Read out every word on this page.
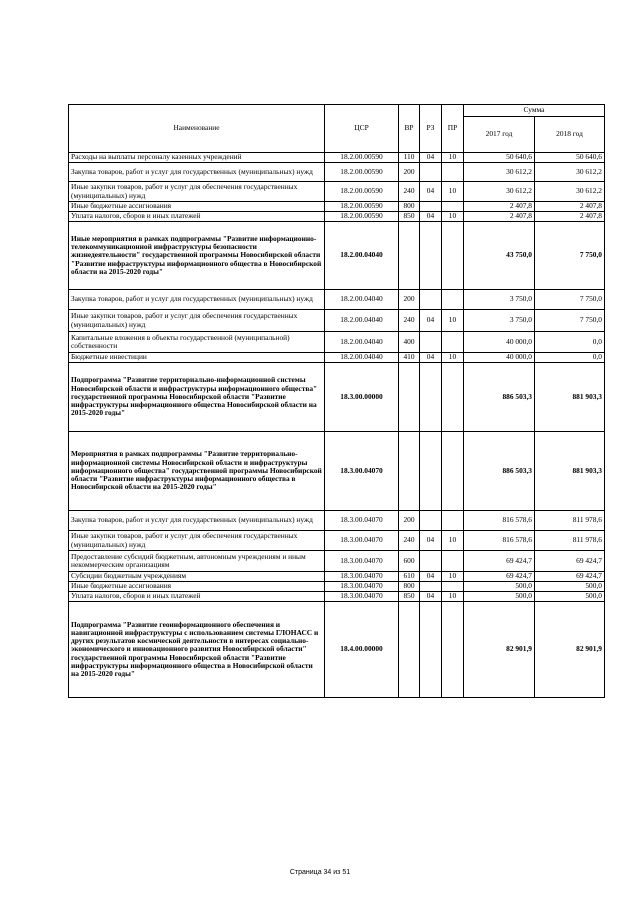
Наименование	ЦСР	ВР	РЗ	ПР	Сумма	
					2017 год	2018 год
Расходы на выплаты персоналу казенных учреждений	18.2.00.00590	110	04	10	50 640,6	50 640,6
Закупка товаров, работ и услуг для государственных (муниципальных) нужд	18.2.00.00590	200			30 612,2	30 612,2
Иные закупки товаров, работ и услуг для обеспечения государственных (муниципальных) нужд	18.2.00.00590	240	04	10	30 612,2	30 612,2
Иные бюджетные ассигнования	18.2.00.00590	800			2 407,8	2 407,8
Уплата налогов, сборов и иных платежей	18.2.00.00590	850	04	10	2 407,8	2 407,8
Иные мероприятия в рамках подпрограммы "Развитие информационно-телекоммуникационной инфраструктуры безопасности жизнедеятельности" государственной программы Новосибирской области "Развитие инфраструктуры информационного общества в Новосибирской области на 2015-2020 годы"	18.2.00.04040				43 750,0	7 750,0
Закупка товаров, работ и услуг для государственных (муниципальных) нужд	18.2.00.04040	200			3 750,0	7 750,0
Иные закупки товаров, работ и услуг для обеспечения государственных (муниципальных) нужд	18.2.00.04040	240	04	10	3 750,0	7 750,0
Капитальные вложения в объекты государственной (муниципальной) собственности	18.2.00.04040	400			40 000,0	0,0
Бюджетные инвестиции	18.2.00.04040	410	04	10	40 000,0	0,0
Подпрограмма "Развитие территориально-информационной системы Новосибирской области и инфраструктуры информационного общества" государственной программы Новосибирской области "Развитие инфраструктуры информационного общества Новосибирской области на 2015-2020 годы"	18.3.00.00000				886 503,3	881 903,3
Мероприятия в рамках подпрограммы "Развитие территориально-информационной системы Новосибирской области и инфраструктуры информационного общества" государственной программы Новосибирской области "Развитие инфраструктуры информационного общества в Новосибирской области на 2015-2020 годы"	18.3.00.04070				886 503,3	881 903,3
Закупка товаров, работ и услуг для государственных (муниципальных) нужд	18.3.00.04070	200			816 578,6	811 978,6
Иные закупки товаров, работ и услуг для обеспечения государственных (муниципальных) нужд	18.3.00.04070	240	04	10	816 578,6	811 978,6
Предоставление субсидий бюджетным, автономным учреждениям и иным некоммерческим организациям	18.3.00.04070	600			69 424,7	69 424,7
Субсидии бюджетным учреждениям	18.3.00.04070	610	04	10	69 424,7	69 424,7
Иные бюджетные ассигнования	18.3.00.04070	800			500,0	500,0
Уплата налогов, сборов и иных платежей	18.3.00.04070	850	04	10	500,0	500,0
Подпрограмма "Развитие геоинформационного обеспечения и навигационной инфраструктуры с использованием системы ГЛОНАСС и других результатов космической деятельности в интересах социально-экономического и инновационного развития Новосибирской области" государственной программы Новосибирской области "Развитие инфраструктуры информационного общества в Новосибирской области на 2015-2020 годы"	18.4.00.00000				82 901,9	82 901,9
Страница 34 из 51
